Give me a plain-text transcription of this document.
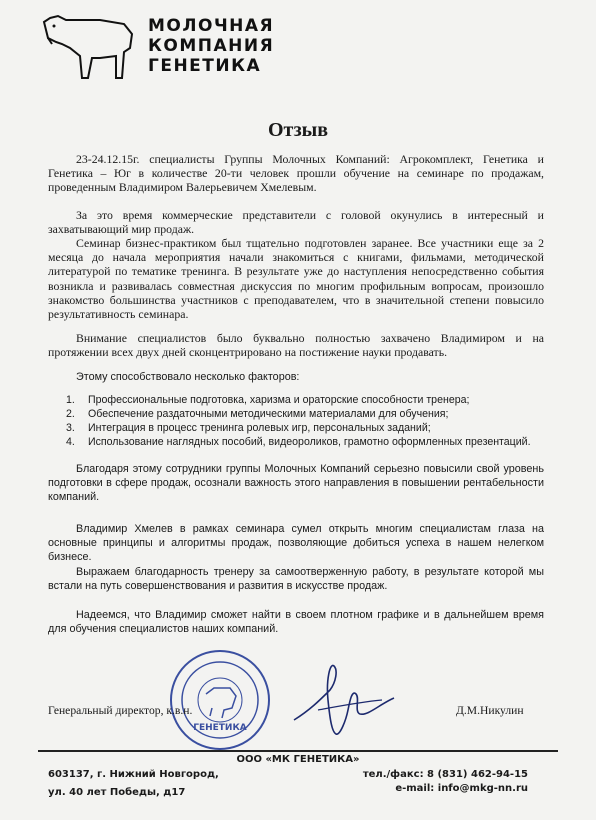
МОЛОЧНАЯ
КОМПАНИЯ
ГЕНЕТИКА
Отзыв
23-24.12.15г. специалисты Группы Молочных Компаний: Агрокомплект, Генетика и Генетика – Юг в количестве 20-ти человек прошли обучение на семинаре по продажам, проведенным Владимиром Валерьевичем Хмелевым.
За это время коммерческие представители с головой окунулись в интересный и захватывающий мир продаж.
Семинар бизнес-практиком был тщательно подготовлен заранее. Все участники еще за 2 месяца до начала мероприятия начали знакомиться с книгами, фильмами, методической литературой по тематике тренинга. В результате уже до наступления непосредственно события возникла и развивалась совместная дискуссия по многим профильным вопросам, произошло знакомство большинства участников с преподавателем, что в значительной степени повысило результативность семинара.
Внимание специалистов было буквально полностью захвачено Владимиром и на протяжении всех двух дней сконцентрировано на постижение науки продавать.
Этому способствовало несколько факторов:
1.	Профессиональные подготовка, харизма и ораторские способности тренера;
2.	Обеспечение раздаточными методическими материалами для обучения;
3.	Интеграция в процесс тренинга ролевых игр, персональных заданий;
4.	Использование наглядных пособий, видеороликов, грамотно оформленных презентаций.
Благодаря этому сотрудники группы Молочных Компаний серьезно повысили свой уровень подготовки в сфере продаж, осознали важность этого направления в повышении рентабельности компаний.
Владимир Хмелев в рамках семинара сумел открыть многим специалистам глаза на основные принципы и алгоритмы продаж, позволяющие добиться успеха в нашем нелегком бизнесе.
Выражаем благодарность тренеру за самоотверженную работу, в результате которой мы встали на путь совершенствования и развития в искусстве продаж.
Надеемся, что Владимир сможет найти в своем плотном графике и в дальнейшем время для обучения специалистов наших компаний.
ГЕНЕТИКА
Генеральный директор, к.в.н.	Д.М.Никулин
ООО «МК ГЕНЕТИКА»
603137, г. Нижний Новгород,
ул. 40 лет Победы, д17
тел./факс: 8 (831) 462-94-15
e-mail: info@mkg-nn.ru
